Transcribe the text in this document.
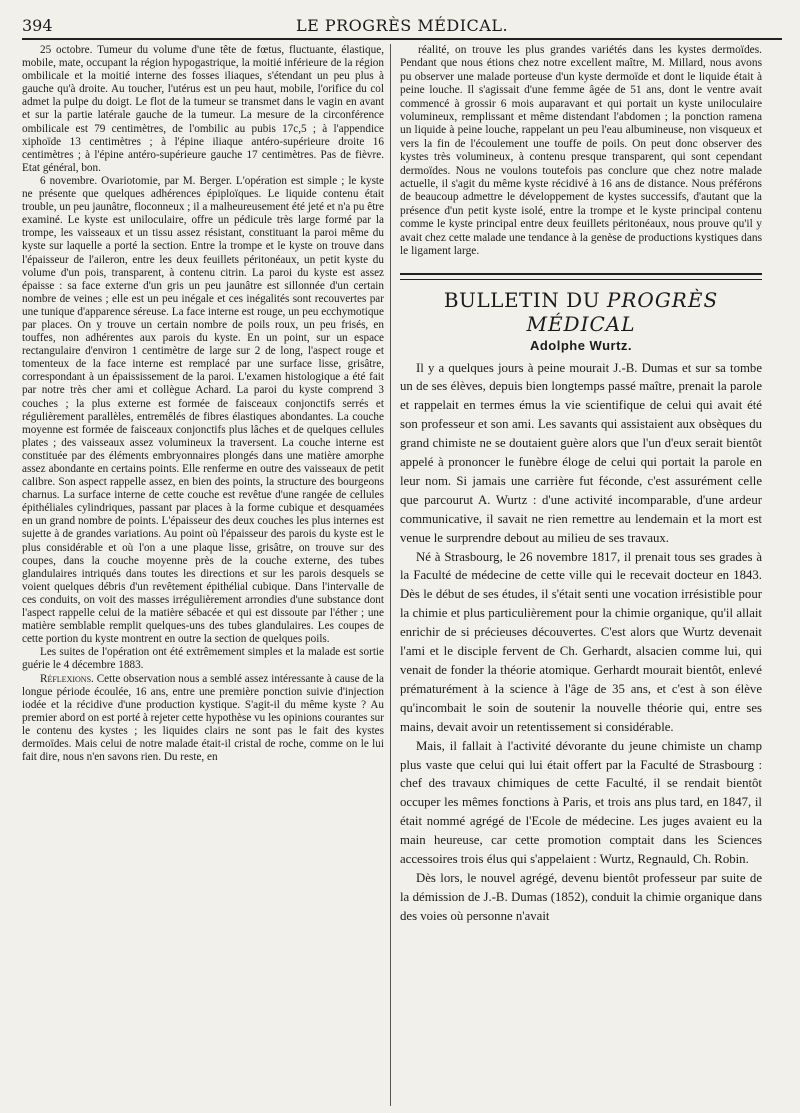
394	LE PROGRÈS MÉDICAL.

25 octobre. Tumeur du volume d'une tête de fœtus, fluctuante, élastique, mobile, mate, occupant la région hypogastrique, la moitié inférieure de la région ombilicale et la moitié interne des fosses iliaques, s'étendant un peu plus à gauche qu'à droite. Au toucher, l'utérus est un peu haut, mobile, l'orifice du col admet la pulpe du doigt. Le flot de la tumeur se transmet dans le vagin en avant et sur la partie latérale gauche de la tumeur. La mesure de la circonférence ombilicale est 79 centimètres, de l'ombilic au pubis 17c,5 ; à l'appendice xiphoïde 13 centimètres ; à l'épine iliaque antéro-supérieure droite 16 centimètres ; à l'épine antéro-supérieure gauche 17 centimètres. Pas de fièvre. Etat général, bon.

6 novembre. Ovariotomie, par M. Berger. L'opération est simple ; le kyste ne présente que quelques adhérences épiploïques. Le liquide contenu était trouble, un peu jaunâtre, floconneux ; il a malheureusement été jeté et n'a pu être examiné. Le kyste est uniloculaire, offre un pédicule très large formé par la trompe, les vaisseaux et un tissu assez résistant, constituant la paroi même du kyste sur laquelle a porté la section. Entre la trompe et le kyste on trouve dans l'épaisseur de l'aileron, entre les deux feuillets péritonéaux, un petit kyste du volume d'un pois, transparent, à contenu citrin. La paroi du kyste est assez épaisse : sa face externe d'un gris un peu jaunâtre est sillonnée d'un certain nombre de veines ; elle est un peu inégale et ces inégalités sont recouvertes par une tunique d'apparence séreuse. La face interne est rouge, un peu ecchymotique par places. On y trouve un certain nombre de poils roux, un peu frisés, en touffes, non adhérentes aux parois du kyste. En un point, sur un espace rectangulaire d'environ 1 centimètre de large sur 2 de long, l'aspect rouge et tomenteux de la face interne est remplacé par une surface lisse, grisâtre, correspondant à un épaississement de la paroi. L'examen histologique a été fait par notre très cher ami et collègue Achard. La paroi du kyste comprend 3 couches ; la plus externe est formée de faisceaux conjonctifs serrés et régulièrement parallèles, entremêlés de fibres élastiques abondantes. La couche moyenne est formée de faisceaux conjonctifs plus lâches et de quelques cellules plates ; des vaisseaux assez volumineux la traversent. La couche interne est constituée par des éléments embryonnaires plongés dans une matière amorphe assez abondante en certains points. Elle renferme en outre des vaisseaux de petit calibre. Son aspect rappelle assez, en bien des points, la structure des bourgeons charnus. La surface interne de cette couche est revêtue d'une rangée de cellules épithéliales cylindriques, passant par places à la forme cubique et desquamées en un grand nombre de points. L'épaisseur des deux couches les plus internes est sujette à de grandes variations. Au point où l'épaisseur des parois du kyste est le plus considérable et où l'on a une plaque lisse, grisâtre, on trouve sur des coupes, dans la couche moyenne près de la couche externe, des tubes glandulaires intriqués dans toutes les directions et sur les parois desquels se voient quelques débris d'un revêtement épithélial cubique. Dans l'intervalle de ces conduits, on voit des masses irrégulièrement arrondies d'une substance dont l'aspect rappelle celui de la matière sébacée et qui est dissoute par l'éther ; une matière semblable remplit quelques-uns des tubes glandulaires. Les coupes de cette portion du kyste montrent en outre la section de quelques poils.

Les suites de l'opération ont été extrêmement simples et la malade est sortie guérie le 4 décembre 1883.

Réflexions. Cette observation nous a semblé assez intéressante à cause de la longue période écoulée, 16 ans, entre une première ponction suivie d'injection iodée et la récidive d'une production kystique. S'agit-il du même kyste ? Au premier abord on est porté à rejeter cette hypothèse vu les opinions courantes sur le contenu des kystes ; les liquides clairs ne sont pas le fait des kystes dermoïdes. Mais celui de notre malade était-il cristal de roche, comme on le lui fait dire, nous n'en savons rien. Du reste, en

réalité, on trouve les plus grandes variétés dans les kystes dermoïdes. Pendant que nous étions chez notre excellent maître, M. Millard, nous avons pu observer une malade porteuse d'un kyste dermoïde et dont le liquide était à peine louche. Il s'agissait d'une femme âgée de 51 ans, dont le ventre avait commencé à grossir 6 mois auparavant et qui portait un kyste uniloculaire volumineux, remplissant et même distendant l'abdomen ; la ponction ramena un liquide à peine louche, rappelant un peu l'eau albumineuse, non visqueux et vers la fin de l'écoulement une touffe de poils. On peut donc observer des kystes très volumineux, à contenu presque transparent, qui sont cependant dermoïdes. Nous ne voulons toutefois pas conclure que chez notre malade actuelle, il s'agit du même kyste récidivé à 16 ans de distance. Nous préférons de beaucoup admettre le développement de kystes successifs, d'autant que la présence d'un petit kyste isolé, entre la trompe et le kyste principal contenu comme le kyste principal entre deux feuillets péritonéaux, nous prouve qu'il y avait chez cette malade une tendance à la genèse de productions kystiques dans le ligament large.

BULLETIN DU PROGRÈS MÉDICAL
Adolphe Wurtz.

Il y a quelques jours à peine mourait J.-B. Dumas et sur sa tombe un de ses élèves, depuis bien longtemps passé maître, prenait la parole et rappelait en termes émus la vie scientifique de celui qui avait été son professeur et son ami. Les savants qui assistaient aux obsèques du grand chimiste ne se doutaient guère alors que l'un d'eux serait bientôt appelé à prononcer le funèbre éloge de celui qui portait la parole en leur nom. Si jamais une carrière fut féconde, c'est assurément celle que parcourut A. Wurtz : d'une activité incomparable, d'une ardeur communicative, il savait ne rien remettre au lendemain et la mort est venue le surprendre debout au milieu de ses travaux.

Né à Strasbourg, le 26 novembre 1817, il prenait tous ses grades à la Faculté de médecine de cette ville qui le recevait docteur en 1843. Dès le début de ses études, il s'était senti une vocation irrésistible pour la chimie et plus particulièrement pour la chimie organique, qu'il allait enrichir de si précieuses découvertes. C'est alors que Wurtz devenait l'ami et le disciple fervent de Ch. Gerhardt, alsacien comme lui, qui venait de fonder la théorie atomique. Gerhardt mourait bientôt, enlevé prématurément à la science à l'âge de 35 ans, et c'est à son élève qu'incombait le soin de soutenir la nouvelle théorie qui, entre ses mains, devait avoir un retentissement si considérable.

Mais, il fallait à l'activité dévorante du jeune chimiste un champ plus vaste que celui qui lui était offert par la Faculté de Strasbourg : chef des travaux chimiques de cette Faculté, il se rendait bientôt occuper les mêmes fonctions à Paris, et trois ans plus tard, en 1847, il était nommé agrégé de l'Ecole de médecine. Les juges avaient eu la main heureuse, car cette promotion comptait dans les Sciences accessoires trois élus qui s'appelaient : Wurtz, Regnauld, Ch. Robin.

Dès lors, le nouvel agrégé, devenu bientôt professeur par suite de la démission de J.-B. Dumas (1852), conduit la chimie organique dans des voies où personne n'avait
